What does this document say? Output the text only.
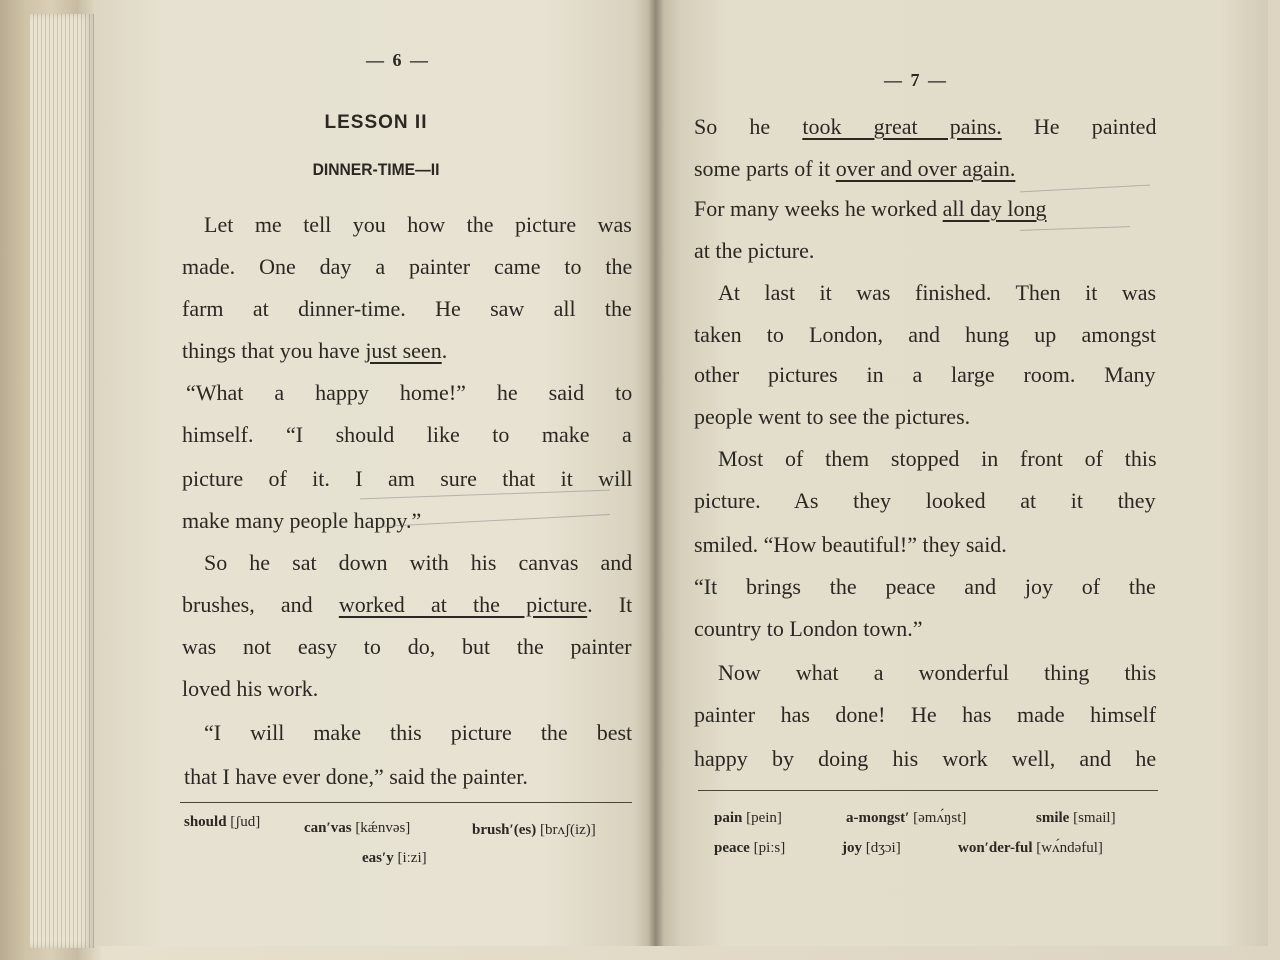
— 6 —
LESSON II
DINNER-TIME—II
Let me tell you how the picture was
made. One day a painter came to the
farm at dinner-time. He saw all the
things that you have just seen.
“What a happy home!” he said to
himself. “I should like to make a
picture of it. I am sure that it will
make many people happy.”
So he sat down with his canvas and
brushes, and worked at the picture. It
was not easy to do, but the painter
loved his work.
“I will make this picture the best
that I have ever done,” said the painter.
should [ʃud]	can′vas [kǽnvəs]	brush′(es) [brʌʃ(iz)]
eas′y [iːzi]
— 7 —
So he took great pains. He painted
some parts of it over and over again.
For many weeks he worked all day long
at the picture.
At last it was finished. Then it was
taken to London, and hung up amongst
other pictures in a large room. Many
people went to see the pictures.
Most of them stopped in front of this
picture. As they looked at it they
smiled. “How beautiful!” they said.
“It brings the peace and joy of the
country to London town.”
Now what a wonderful thing this
painter has done! He has made himself
happy by doing his work well, and he
pain [pein]	a-mongst′ [əmʌ́ŋst]	smile [smail]
peace [piːs]	joy [dʒɔi]	won′der-ful [wʌ́ndəful]
